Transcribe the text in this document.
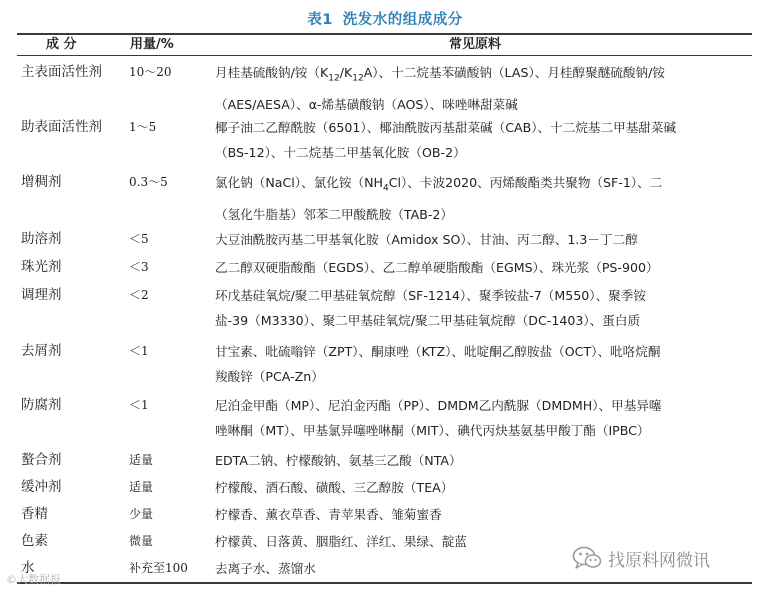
表1 洗发水的组成成分
成 分	用量/%	常见原料
主表面活性剂 10～20	月桂基硫酸钠/铵$(K_{12}/K_{12}A)$、十二烷基苯磺酸钠（LAS）、月桂醇聚醚硫酸钠/铵
（AES/AESA）、α-烯基磺酸钠（AOS）、咪唑啉甜菜碱
助表面活性剂 1～5	椰子油二乙醇酰胺（6501）、椰油酰胺丙基甜菜碱（CAB）、十二烷基二甲基甜菜碱
（BS-12）、十二烷基二甲基氧化胺（OB-2）
增稠剂	0.3～5	氯化钠（NaCl）、氯化铵$(NH_4Cl)$、卡波2020、丙烯酸酯类共聚物（SF-1）、二
（氢化牛脂基）邻苯二甲酸酰胺（TAB-2）
助溶剂	＜5	大豆油酰胺丙基二甲基氧化胺（Amidox SO）、甘油、丙二醇、1.3－丁二醇
珠光剂	＜3	乙二醇双硬脂酸酯（EGDS）、乙二醇单硬脂酸酯（EGMS）、珠光浆（PS-900）
调理剂	＜2	环戊基硅氧烷/聚二甲基硅氧烷醇（SF-1214）、聚季铵盐-7（M550）、聚季铵
盐-39（M3330）、聚二甲基硅氧烷/聚二甲基硅氧烷醇（DC-1403）、蛋白质
去屑剂	＜1	甘宝素、吡硫嗡锌（ZPT）、酮康唑（KTZ）、吡啶酮乙醇胺盐（OCT）、吡咯烷酮
羧酸锌（PCA-Zn）
防腐剂	＜1	尼泊金甲酯（MP）、尼泊金丙酯（PP）、DMDM乙内酰脲（DMDMH）、甲基异噻
唑啉酮（MT）、甲基氯异噻唑啉酮（MIT）、碘代丙炔基氨基甲酸丁酯（IPBC）
螯合剂	适量	EDTA二钠、柠檬酸钠、氨基三乙酸（NTA）
缓冲剂	适量	柠檬酸、酒石酸、磺酸、三乙醇胺（TEA）
香精	少量	柠檬香、薰衣草香、青苹果香、雏菊蜜香
色素	微量	柠檬黄、日落黄、胭脂红、洋红、果绿、靛蓝
水	补充至100 去离子水、蒸馏水	找原料网微讯
©大数据报
